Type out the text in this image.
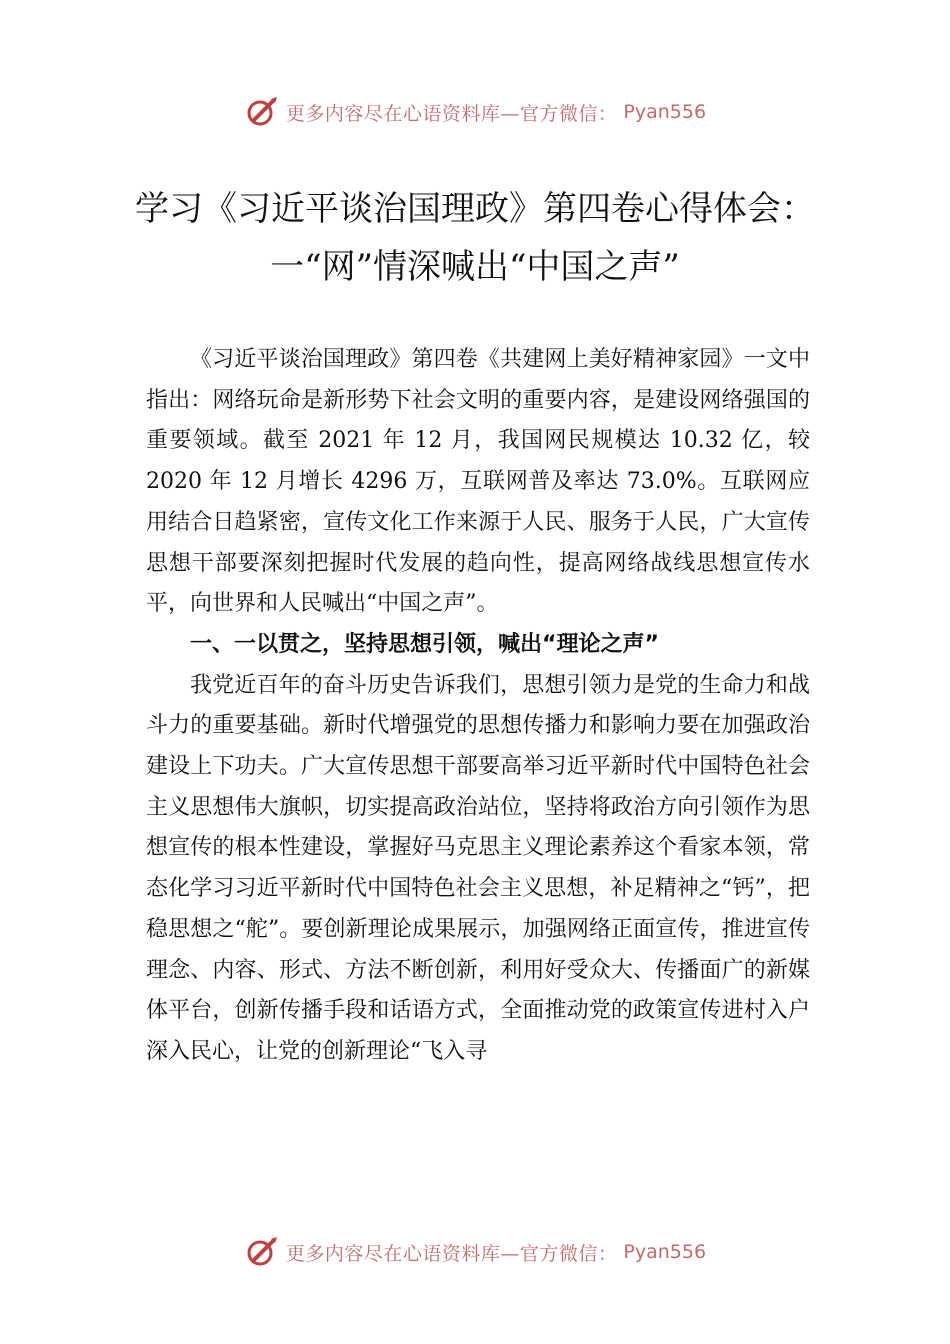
更多内容尽在心语资料库—官方微信： Pyan556
学习《习近平谈治国理政》第四卷心得体会：一“网”情深喊出“中国之声”

《习近平谈治国理政》第四卷《共建网上美好精神家园》一文中指出：网络玩命是新形势下社会文明的重要内容，是建设网络强国的重要领域。截至 2021 年 12 月，我国网民规模达 10.32 亿，较 2020 年 12 月增长 4296 万，互联网普及率达 73.0%。互联网应用结合日趋紧密，宣传文化工作来源于人民、服务于人民，广大宣传思想干部要深刻把握时代发展的趋向性，提高网络战线思想宣传水平，向世界和人民喊出“中国之声”。

一、一以贯之，坚持思想引领，喊出“理论之声”

我党近百年的奋斗历史告诉我们，思想引领力是党的生命力和战斗力的重要基础。新时代增强党的思想传播力和影响力要在加强政治建设上下功夫。广大宣传思想干部要高举习近平新时代中国特色社会主义思想伟大旗帜，切实提高政治站位，坚持将政治方向引领作为思想宣传的根本性建设，掌握好马克思主义理论素养这个看家本领，常态化学习习近平新时代中国特色社会主义思想，补足精神之“钙”，把稳思想之“舵”。要创新理论成果展示，加强网络正面宣传，推进宣传理念、内容、形式、方法不断创新，利用好受众大、传播面广的新媒体平台，创新传播手段和话语方式，全面推动党的政策宣传进村入户深入民心，让党的创新理论“飞入寻

更多内容尽在心语资料库—官方微信： Pyan556
